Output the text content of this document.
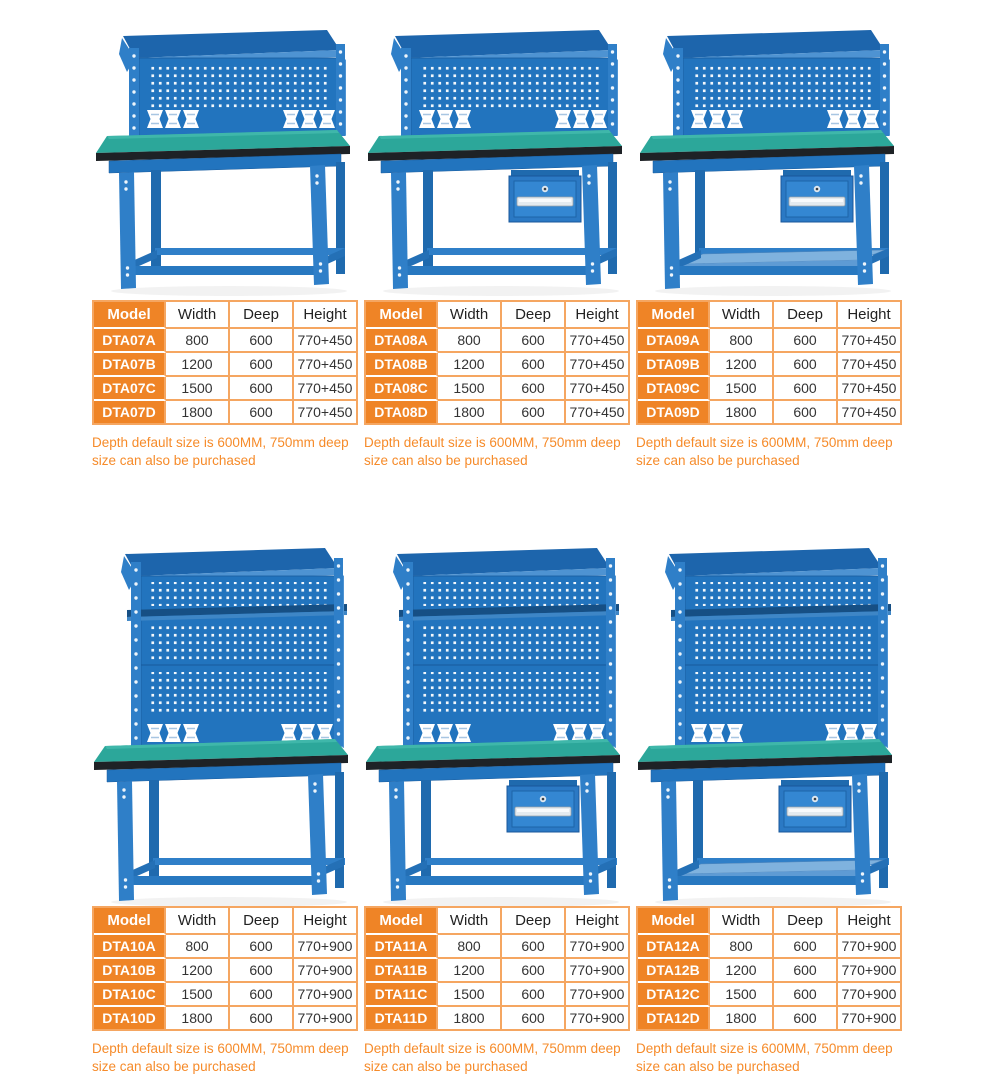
Model	Width	Deep	Height
DTA07A	800	600	770+450
DTA07B	1200	600	770+450
DTA07C	1500	600	770+450
DTA07D	1800	600	770+450
Depth default size is 600MM, 750mm deep
size can also be purchased
Model	Width	Deep	Height
DTA08A	800	600	770+450
DTA08B	1200	600	770+450
DTA08C	1500	600	770+450
DTA08D	1800	600	770+450
Depth default size is 600MM, 750mm deep
size can also be purchased
Model	Width	Deep	Height
DTA09A	800	600	770+450
DTA09B	1200	600	770+450
DTA09C	1500	600	770+450
DTA09D	1800	600	770+450
Depth default size is 600MM, 750mm deep
size can also be purchased
Model	Width	Deep	Height
DTA10A	800	600	770+900
DTA10B	1200	600	770+900
DTA10C	1500	600	770+900
DTA10D	1800	600	770+900
Depth default size is 600MM, 750mm deep
size can also be purchased
Model	Width	Deep	Height
DTA11A	800	600	770+900
DTA11B	1200	600	770+900
DTA11C	1500	600	770+900
DTA11D	1800	600	770+900
Depth default size is 600MM, 750mm deep
size can also be purchased
Model	Width	Deep	Height
DTA12A	800	600	770+900
DTA12B	1200	600	770+900
DTA12C	1500	600	770+900
DTA12D	1800	600	770+900
Depth default size is 600MM, 750mm deep
size can also be purchased
